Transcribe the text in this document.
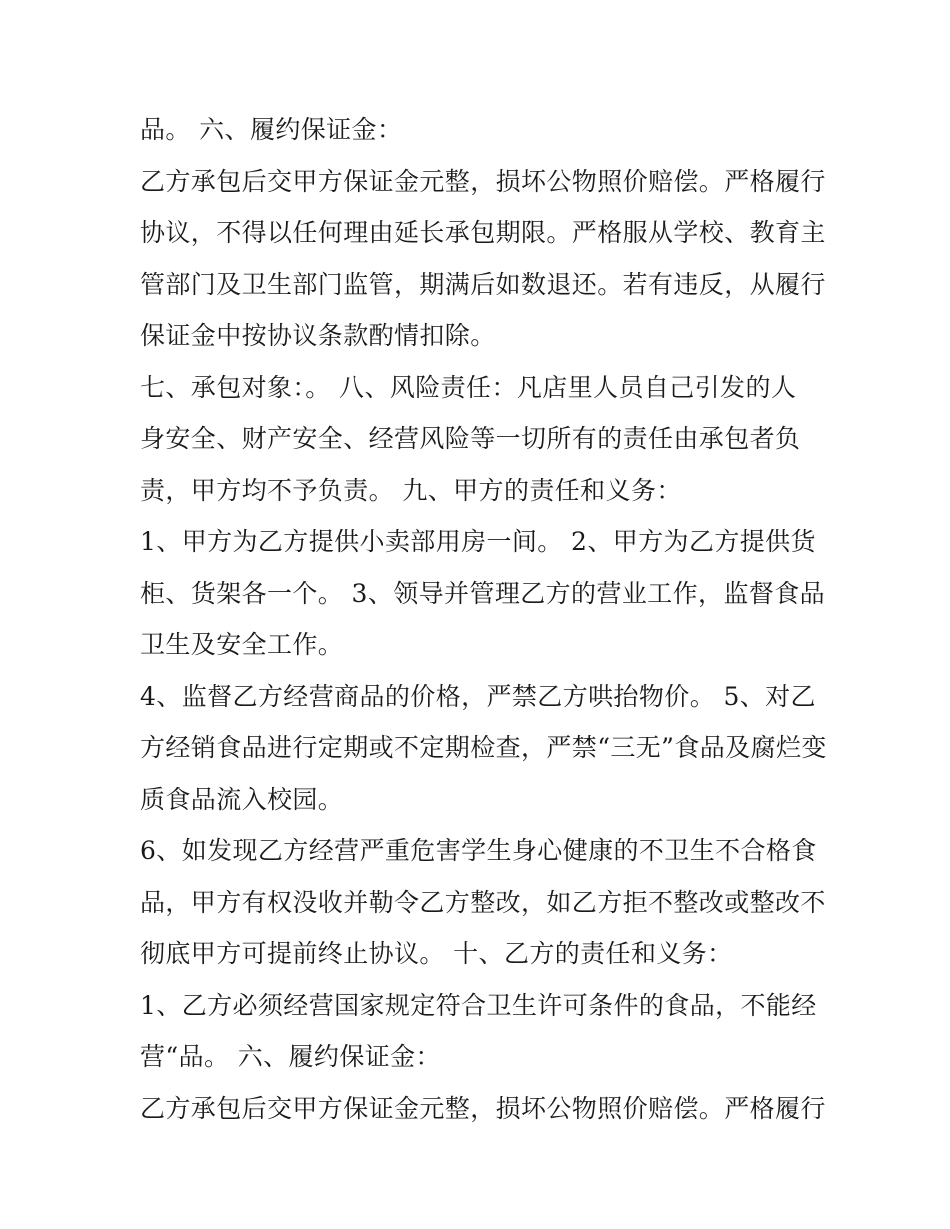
品。 六、履约保证金：
乙方承包后交甲方保证金元整，损坏公物照价赔偿。严格履行
协议，不得以任何理由延长承包期限。严格服从学校、教育主
管部门及卫生部门监管，期满后如数退还。若有违反，从履行
保证金中按协议条款酌情扣除。
七、承包对象：。 八、风险责任：凡店里人员自己引发的人
身安全、财产安全、经营风险等一切所有的责任由承包者负
责，甲方均不予负责。 九、甲方的责任和义务：
1、甲方为乙方提供小卖部用房一间。 2、甲方为乙方提供货
柜、货架各一个。 3、领导并管理乙方的营业工作，监督食品
卫生及安全工作。
4、监督乙方经营商品的价格，严禁乙方哄抬物价。 5、对乙
方经销食品进行定期或不定期检查，严禁“三无”食品及腐烂变
质食品流入校园。
6、如发现乙方经营严重危害学生身心健康的不卫生不合格食
品，甲方有权没收并勒令乙方整改，如乙方拒不整改或整改不
彻底甲方可提前终止协议。 十、乙方的责任和义务：
1、乙方必须经营国家规定符合卫生许可条件的食品，不能经
营“品。 六、履约保证金：
乙方承包后交甲方保证金元整，损坏公物照价赔偿。严格履行
